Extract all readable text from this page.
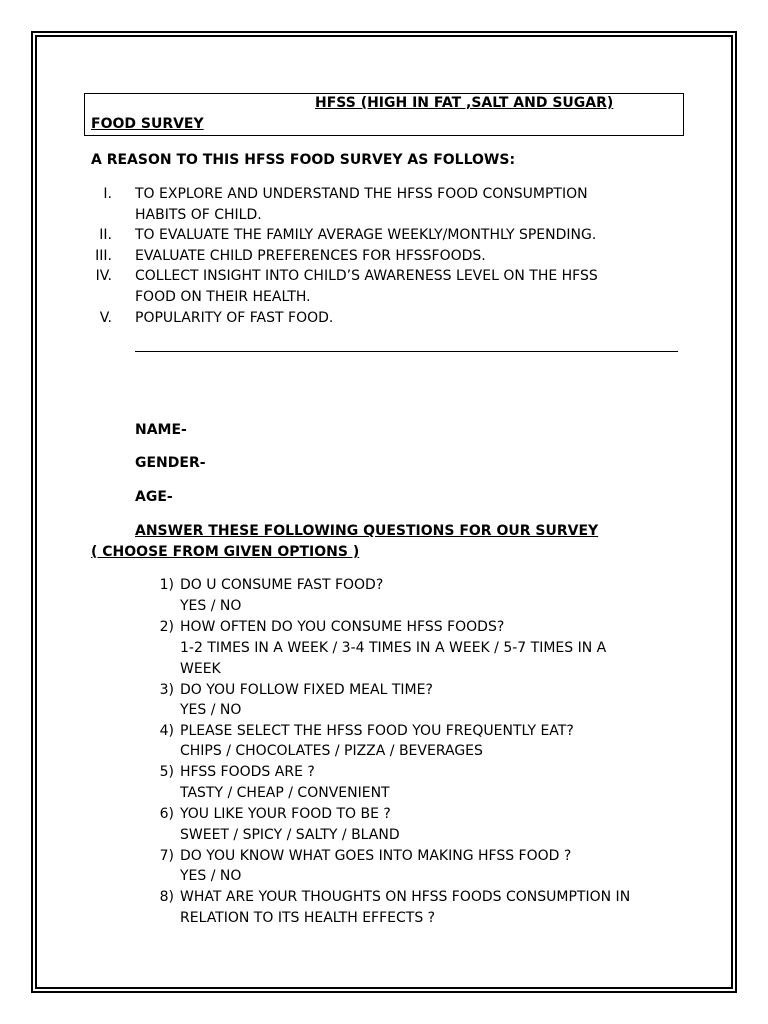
HFSS (HIGH IN FAT ,SALT AND SUGAR)
FOOD SURVEY
A REASON TO THIS HFSS FOOD SURVEY AS FOLLOWS:
I. TO EXPLORE AND UNDERSTAND THE HFSS FOOD CONSUMPTION
HABITS OF CHILD.
II. TO EVALUATE THE FAMILY AVERAGE WEEKLY/MONTHLY SPENDING.
III. EVALUATE CHILD PREFERENCES FOR HFSSFOODS.
IV. COLLECT INSIGHT INTO CHILD’S AWARENESS LEVEL ON THE HFSS
FOOD ON THEIR HEALTH.
V. POPULARITY OF FAST FOOD.
NAME-
GENDER-
AGE-
ANSWER THESE FOLLOWING QUESTIONS FOR OUR SURVEY
( CHOOSE FROM GIVEN OPTIONS )
1) DO U CONSUME FAST FOOD?
YES / NO
2) HOW OFTEN DO YOU CONSUME HFSS FOODS?
1-2 TIMES IN A WEEK / 3-4 TIMES IN A WEEK / 5-7 TIMES IN A
WEEK
3) DO YOU FOLLOW FIXED MEAL TIME?
YES / NO
4) PLEASE SELECT THE HFSS FOOD YOU FREQUENTLY EAT?
CHIPS / CHOCOLATES / PIZZA / BEVERAGES
5) HFSS FOODS ARE ?
TASTY / CHEAP / CONVENIENT
6) YOU LIKE YOUR FOOD TO BE ?
SWEET / SPICY / SALTY / BLAND
7) DO YOU KNOW WHAT GOES INTO MAKING HFSS FOOD ?
YES / NO
8) WHAT ARE YOUR THOUGHTS ON HFSS FOODS CONSUMPTION IN
RELATION TO ITS HEALTH EFFECTS ?
